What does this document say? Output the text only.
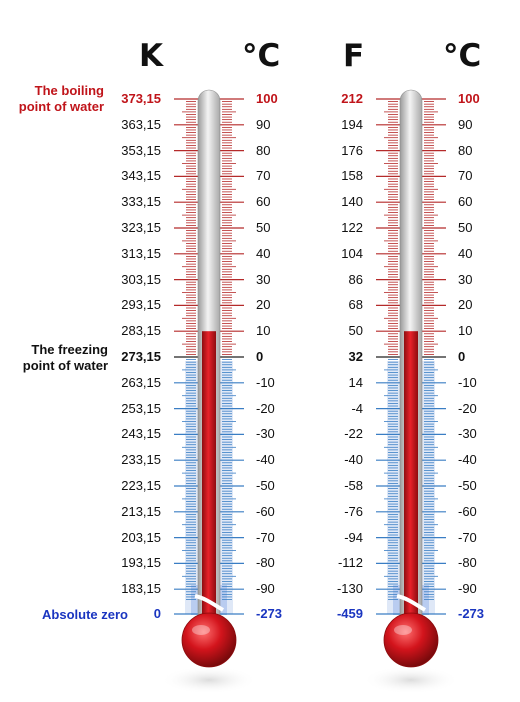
K	°C F	°C
The boiling point of water
The freezing point of water
Absolute zero
373,15	100
363,15	90
353,15	80
343,15	70
333,15	60
323,15	50
313,15	40
303,15	30
293,15	20
283,15	10
273,15	0
263,15	-10
253,15	-20
243,15	-30
233,15	-40
223,15	-50
213,15	-60
203,15	-70
193,15	-80
183,15	-90
0	-273
212	100
194	90
176	80
158	70
140	60
122	50
104	40
86	30
68	20
50	10
32	0
14	-10
-4	-20
-22	-30
-40	-40
-58	-50
-76	-60
-94	-70
-112	-80
-130	-90
-459	-273
